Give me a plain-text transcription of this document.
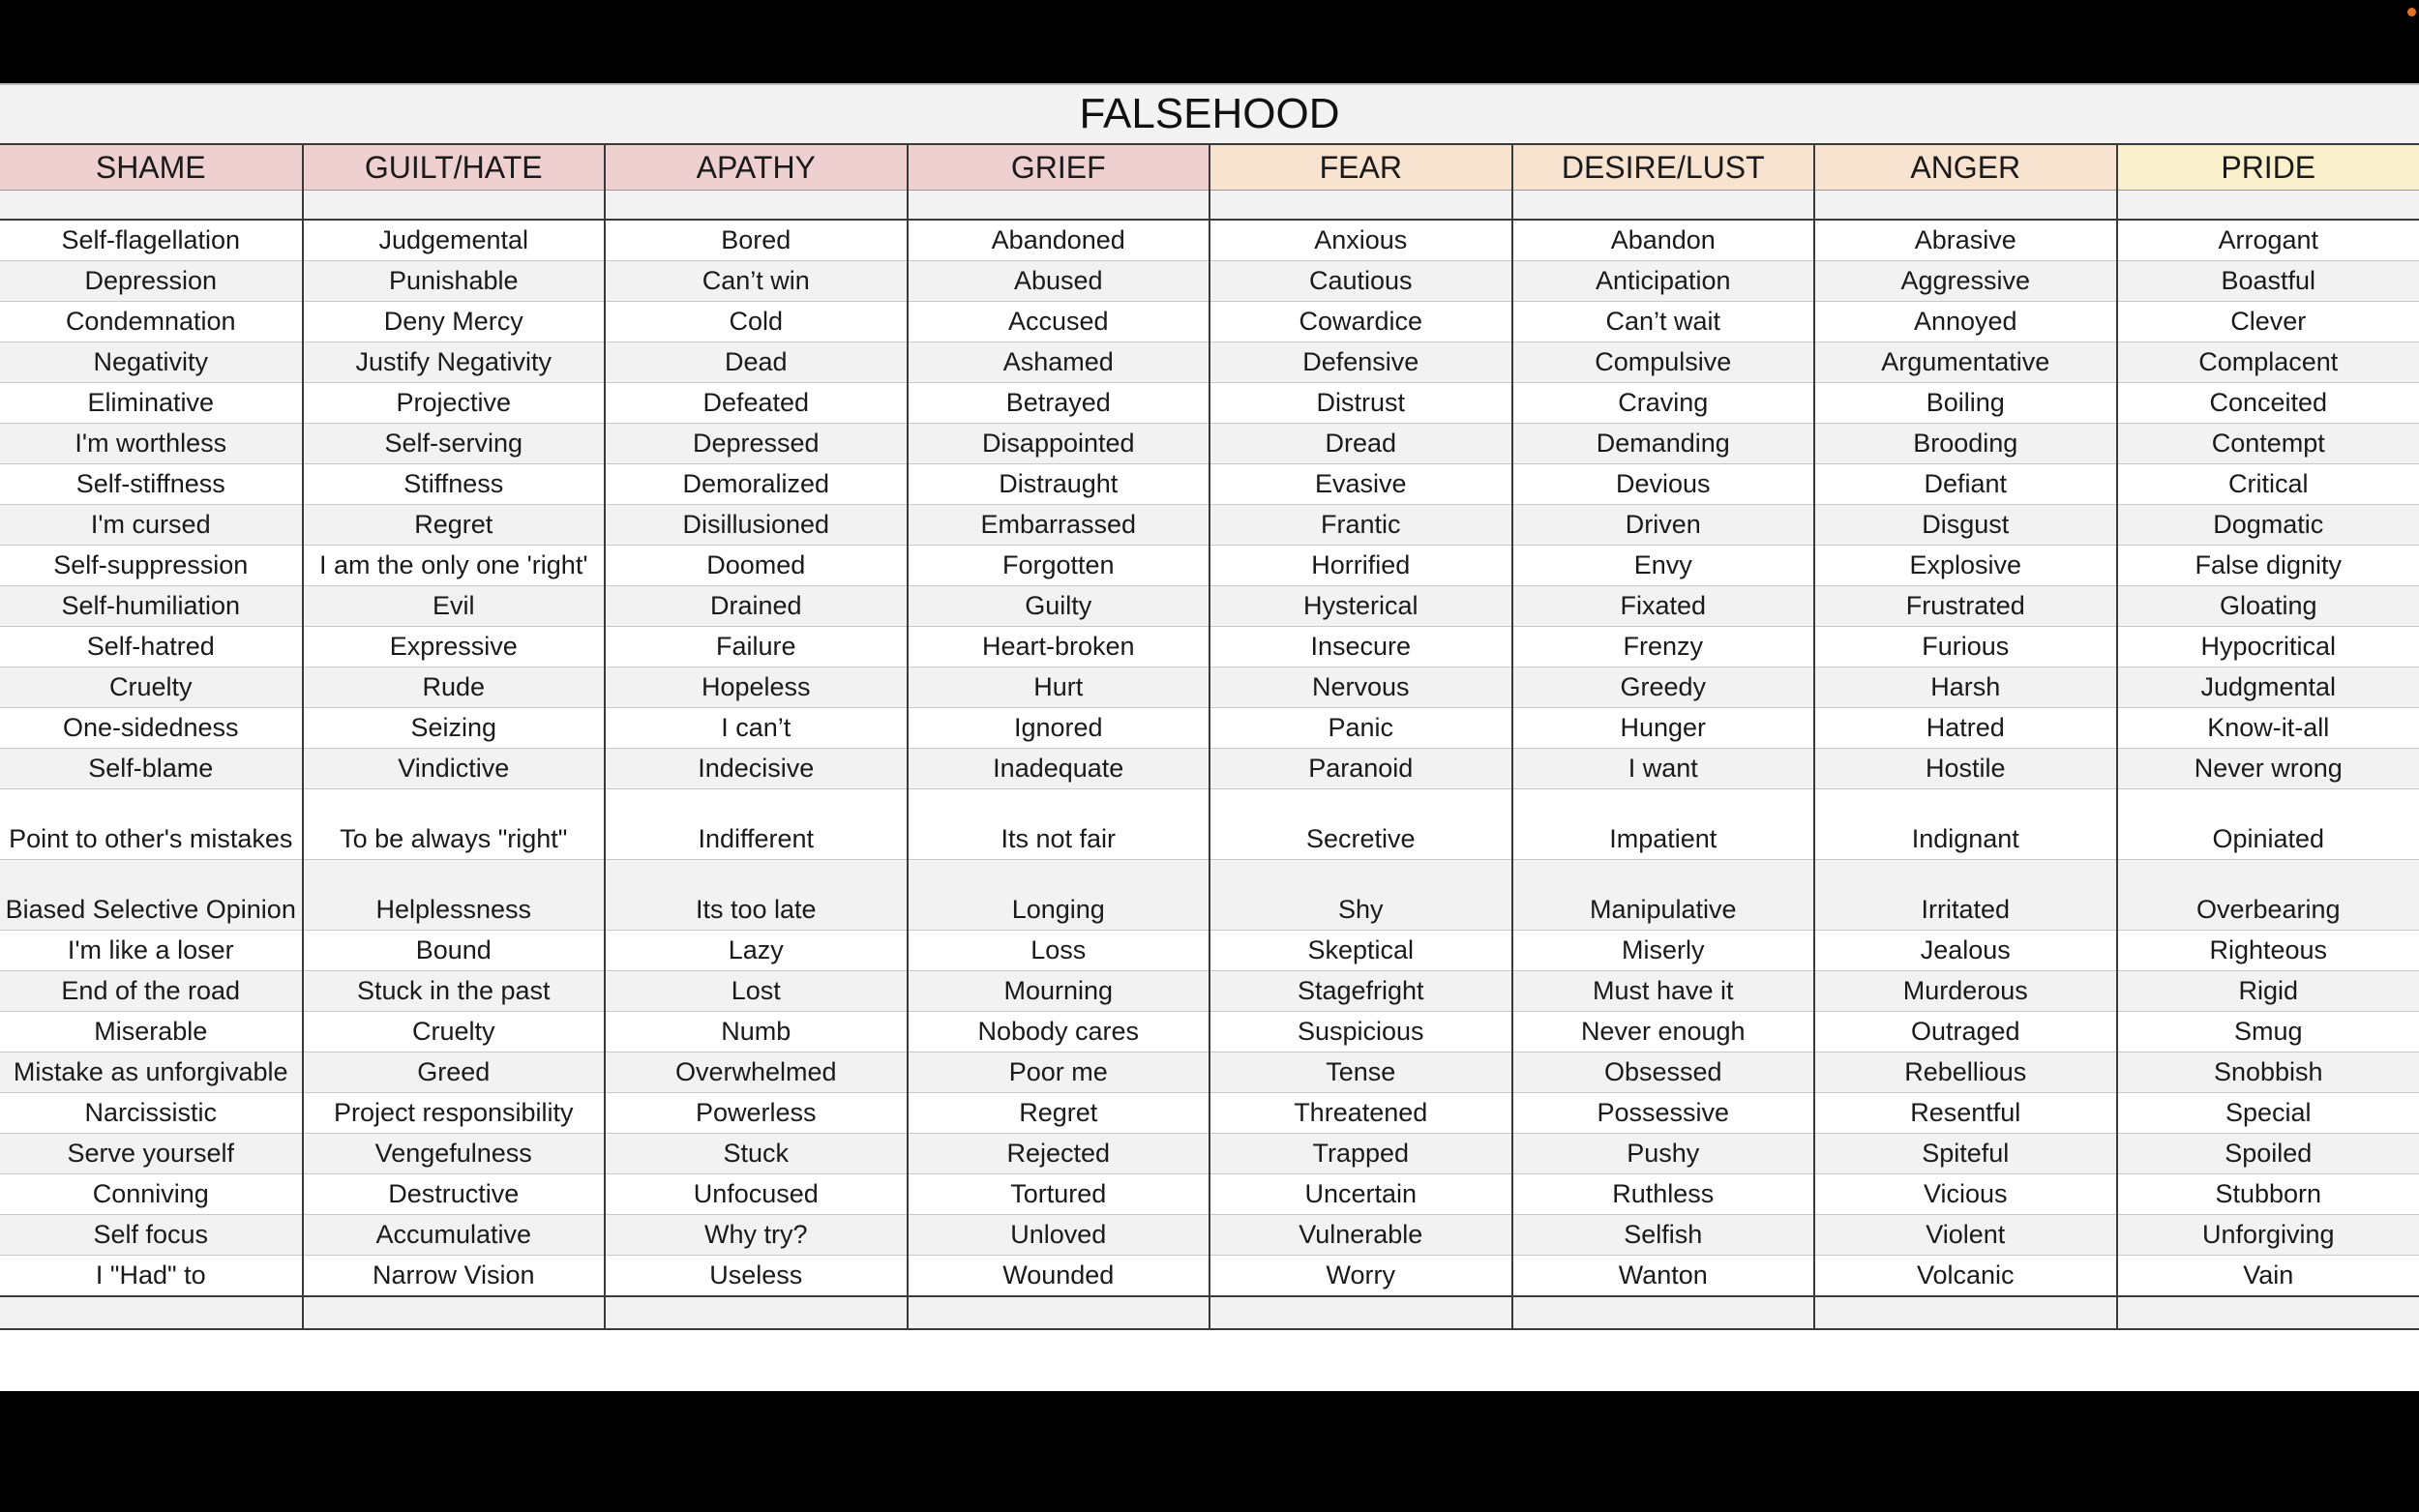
FALSEHOOD
SHAME	GUILT/HATE	APATHY	GRIEF	FEAR	DESIRE/LUST	ANGER	PRIDE

Self-flagellation	Judgemental	Bored	Abandoned	Anxious	Abandon	Abrasive	Arrogant
Depression	Punishable	Can’t win	Abused	Cautious	Anticipation	Aggressive	Boastful
Condemnation	Deny Mercy	Cold	Accused	Cowardice	Can’t wait	Annoyed	Clever
Negativity	Justify Negativity	Dead	Ashamed	Defensive	Compulsive	Argumentative	Complacent
Eliminative	Projective	Defeated	Betrayed	Distrust	Craving	Boiling	Conceited
I'm worthless	Self-serving	Depressed	Disappointed	Dread	Demanding	Brooding	Contempt
Self-stiffness	Stiffness	Demoralized	Distraught	Evasive	Devious	Defiant	Critical
I'm cursed	Regret	Disillusioned	Embarrassed	Frantic	Driven	Disgust	Dogmatic
Self-suppression	I am the only one 'right'	Doomed	Forgotten	Horrified	Envy	Explosive	False dignity
Self-humiliation	Evil	Drained	Guilty	Hysterical	Fixated	Frustrated	Gloating
Self-hatred	Expressive	Failure	Heart-broken	Insecure	Frenzy	Furious	Hypocritical
Cruelty	Rude	Hopeless	Hurt	Nervous	Greedy	Harsh	Judgmental
One-sidedness	Seizing	I can’t	Ignored	Panic	Hunger	Hatred	Know-it-all
Self-blame	Vindictive	Indecisive	Inadequate	Paranoid	I want	Hostile	Never wrong
Point to other's mistakes	To be always "right"	Indifferent	Its not fair	Secretive	Impatient	Indignant	Opiniated
Biased Selective Opinion	Helplessness	Its too late	Longing	Shy	Manipulative	Irritated	Overbearing
I'm like a loser	Bound	Lazy	Loss	Skeptical	Miserly	Jealous	Righteous
End of the road	Stuck in the past	Lost	Mourning	Stagefright	Must have it	Murderous	Rigid
Miserable	Cruelty	Numb	Nobody cares	Suspicious	Never enough	Outraged	Smug
Mistake as unforgivable	Greed	Overwhelmed	Poor me	Tense	Obsessed	Rebellious	Snobbish
Narcissistic	Project responsibility	Powerless	Regret	Threatened	Possessive	Resentful	Special
Serve yourself	Vengefulness	Stuck	Rejected	Trapped	Pushy	Spiteful	Spoiled
Conniving	Destructive	Unfocused	Tortured	Uncertain	Ruthless	Vicious	Stubborn
Self focus	Accumulative	Why try?	Unloved	Vulnerable	Selfish	Violent	Unforgiving
I "Had" to	Narrow Vision	Useless	Wounded	Worry	Wanton	Volcanic	Vain
